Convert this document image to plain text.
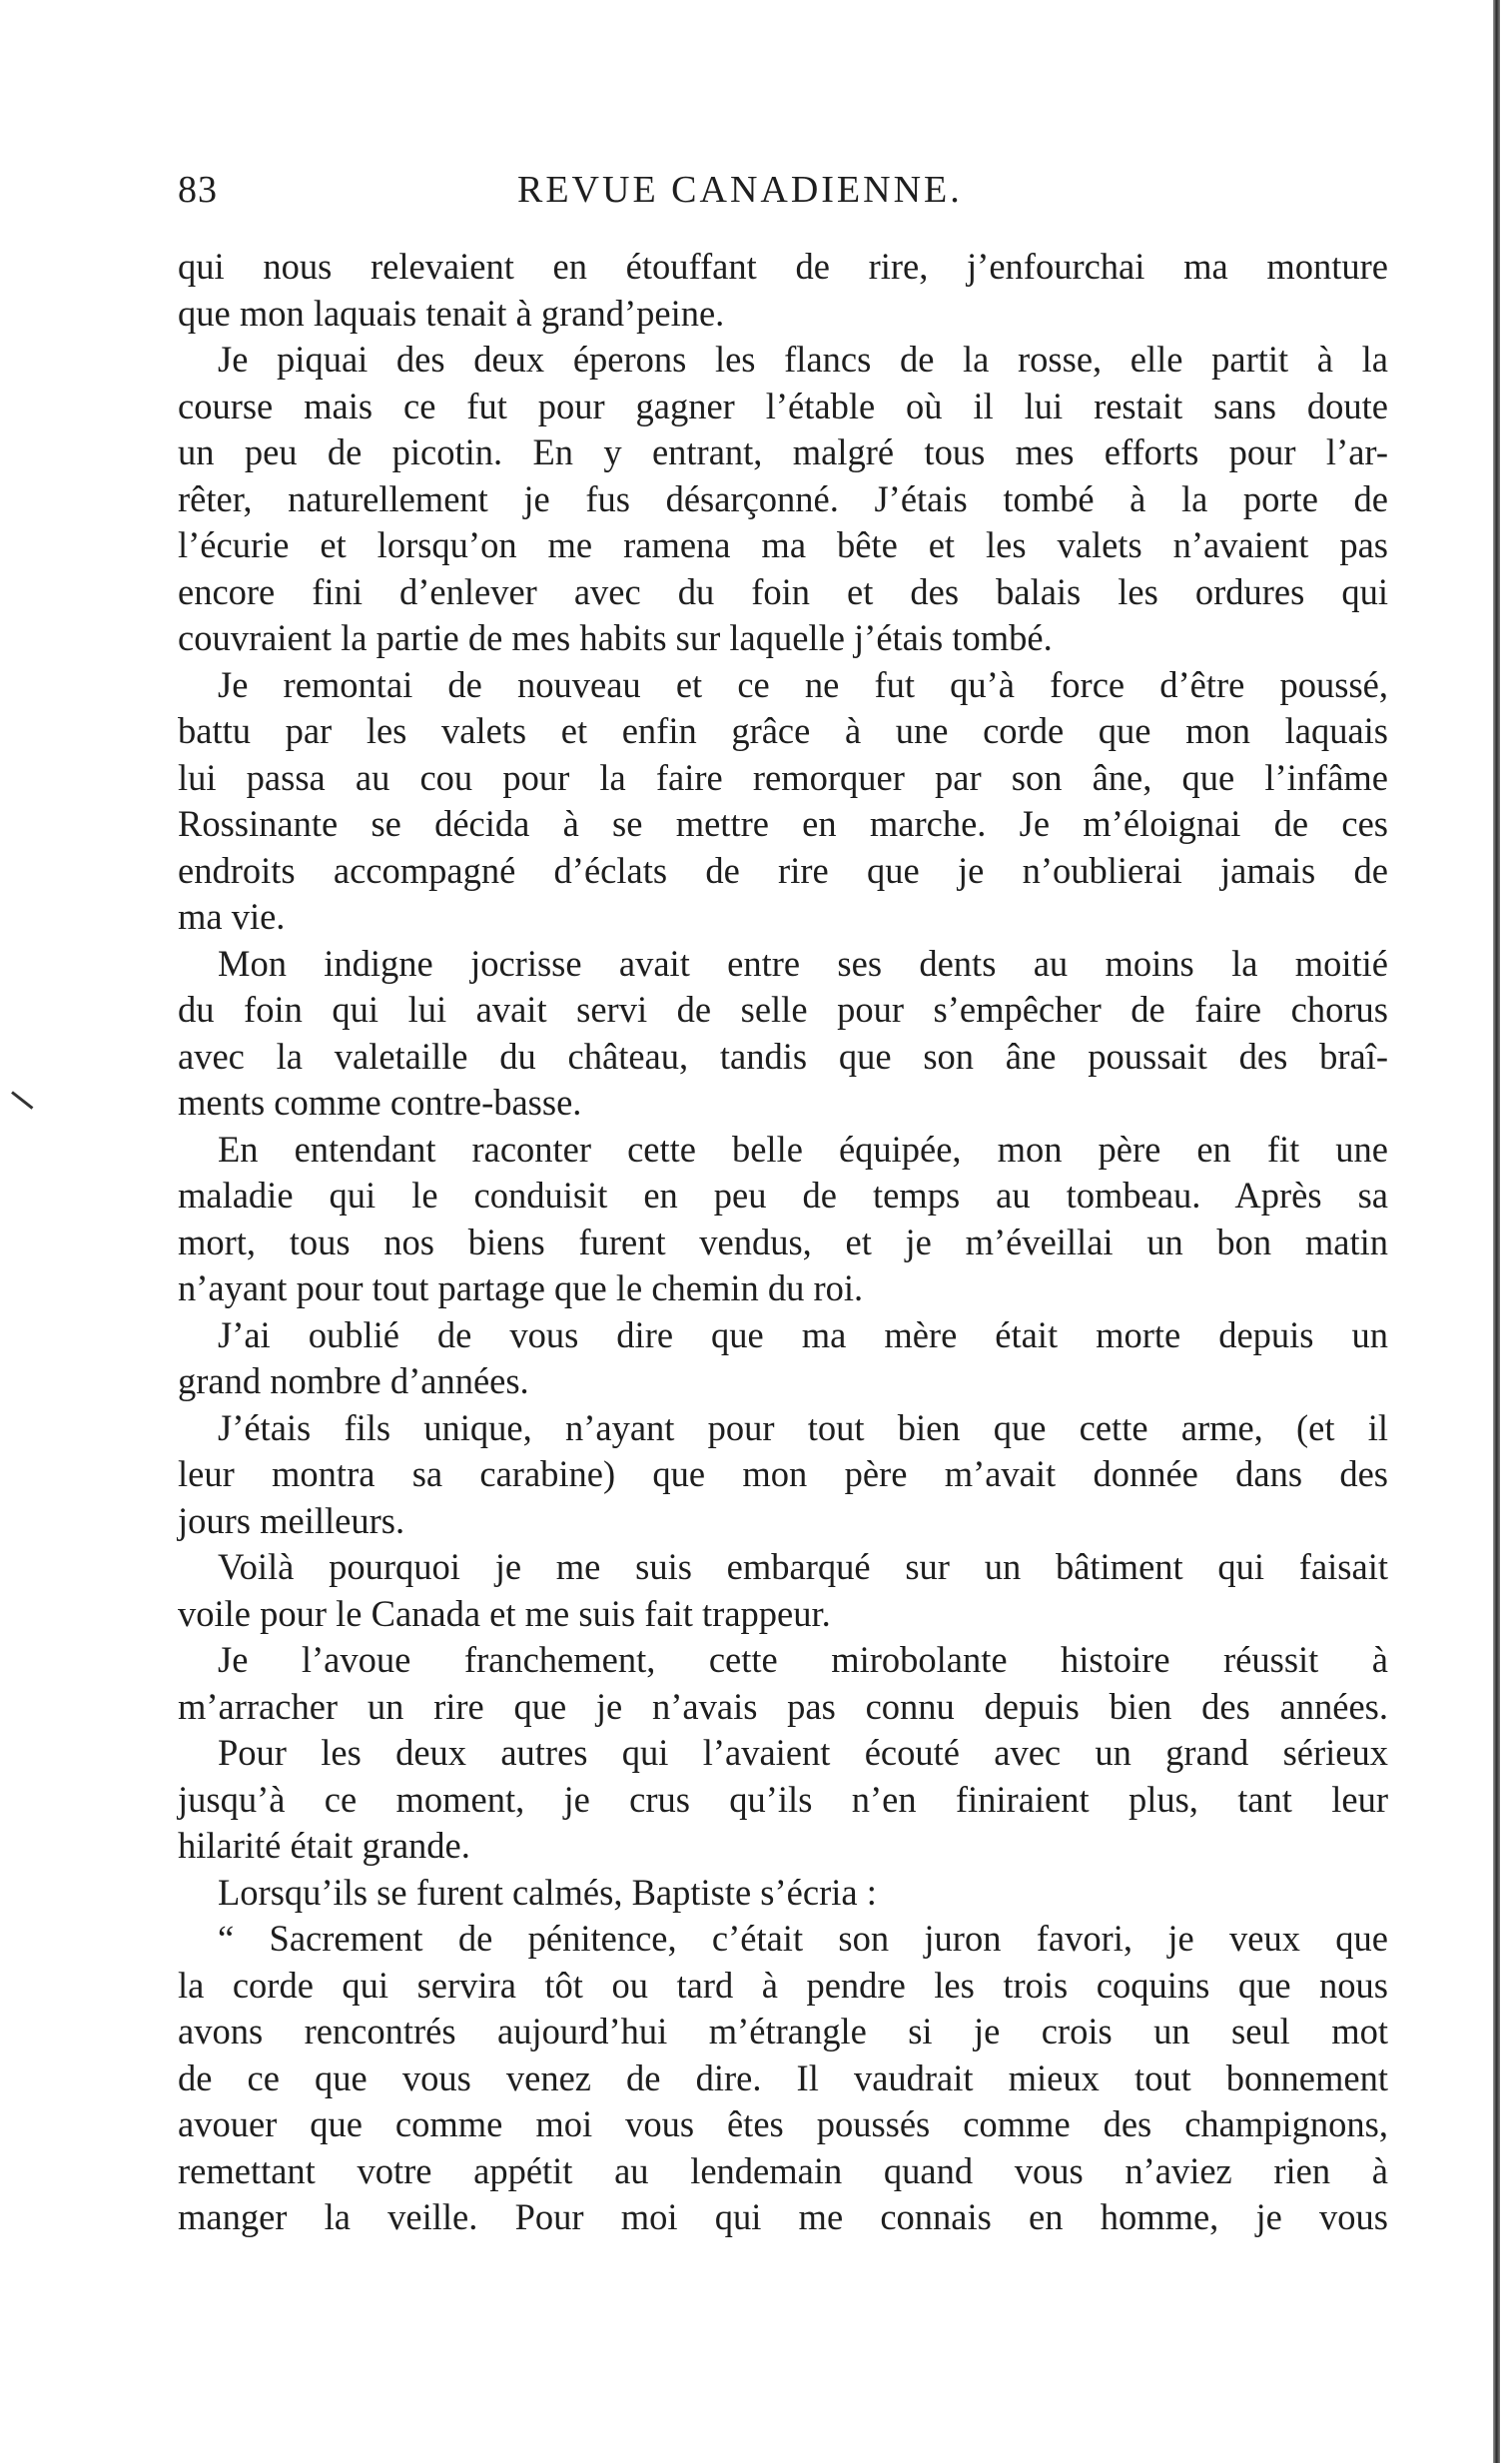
83	REVUE CANADIENNE.
qui nous relevaient en étouffant de rire, j’enfourchai ma monture
que mon laquais tenait à grand’peine.
Je piquai des deux éperons les flancs de la rosse, elle partit à la
course mais ce fut pour gagner l’étable où il lui restait sans doute
un peu de picotin. En y entrant, malgré tous mes efforts pour l’ar-
rêter, naturellement je fus désarçonné. J’étais tombé à la porte de
l’écurie et lorsqu’on me ramena ma bête et les valets n’avaient pas
encore fini d’enlever avec du foin et des balais les ordures qui
couvraient la partie de mes habits sur laquelle j’étais tombé.
Je remontai de nouveau et ce ne fut qu’à force d’être poussé,
battu par les valets et enfin grâce à une corde que mon laquais
lui passa au cou pour la faire remorquer par son âne, que l’infâme
Rossinante se décida à se mettre en marche. Je m’éloignai de ces
endroits accompagné d’éclats de rire que je n’oublierai jamais de
ma vie.
Mon indigne jocrisse avait entre ses dents au moins la moitié
du foin qui lui avait servi de selle pour s’empêcher de faire chorus
avec la valetaille du château, tandis que son âne poussait des braî-
ments comme contre-basse.
En entendant raconter cette belle équipée, mon père en fit une
maladie qui le conduisit en peu de temps au tombeau. Après sa
mort, tous nos biens furent vendus, et je m’éveillai un bon matin
n’ayant pour tout partage que le chemin du roi.
J’ai oublié de vous dire que ma mère était morte depuis un
grand nombre d’années.
J’étais fils unique, n’ayant pour tout bien que cette arme, (et il
leur montra sa carabine) que mon père m’avait donnée dans des
jours meilleurs.
Voilà pourquoi je me suis embarqué sur un bâtiment qui faisait
voile pour le Canada et me suis fait trappeur.
Je l’avoue franchement, cette mirobolante histoire réussit à
m’arracher un rire que je n’avais pas connu depuis bien des années.
Pour les deux autres qui l’avaient écouté avec un grand sérieux
jusqu’à ce moment, je crus qu’ils n’en finiraient plus, tant leur
hilarité était grande.
Lorsqu’ils se furent calmés, Baptiste s’écria :
“ Sacrement de pénitence, c’était son juron favori, je veux que
la corde qui servira tôt ou tard à pendre les trois coquins que nous
avons rencontrés aujourd’hui m’étrangle si je crois un seul mot
de ce que vous venez de dire. Il vaudrait mieux tout bonnement
avouer que comme moi vous êtes poussés comme des champignons,
remettant votre appétit au lendemain quand vous n’aviez rien à
manger la veille. Pour moi qui me connais en homme, je vous
